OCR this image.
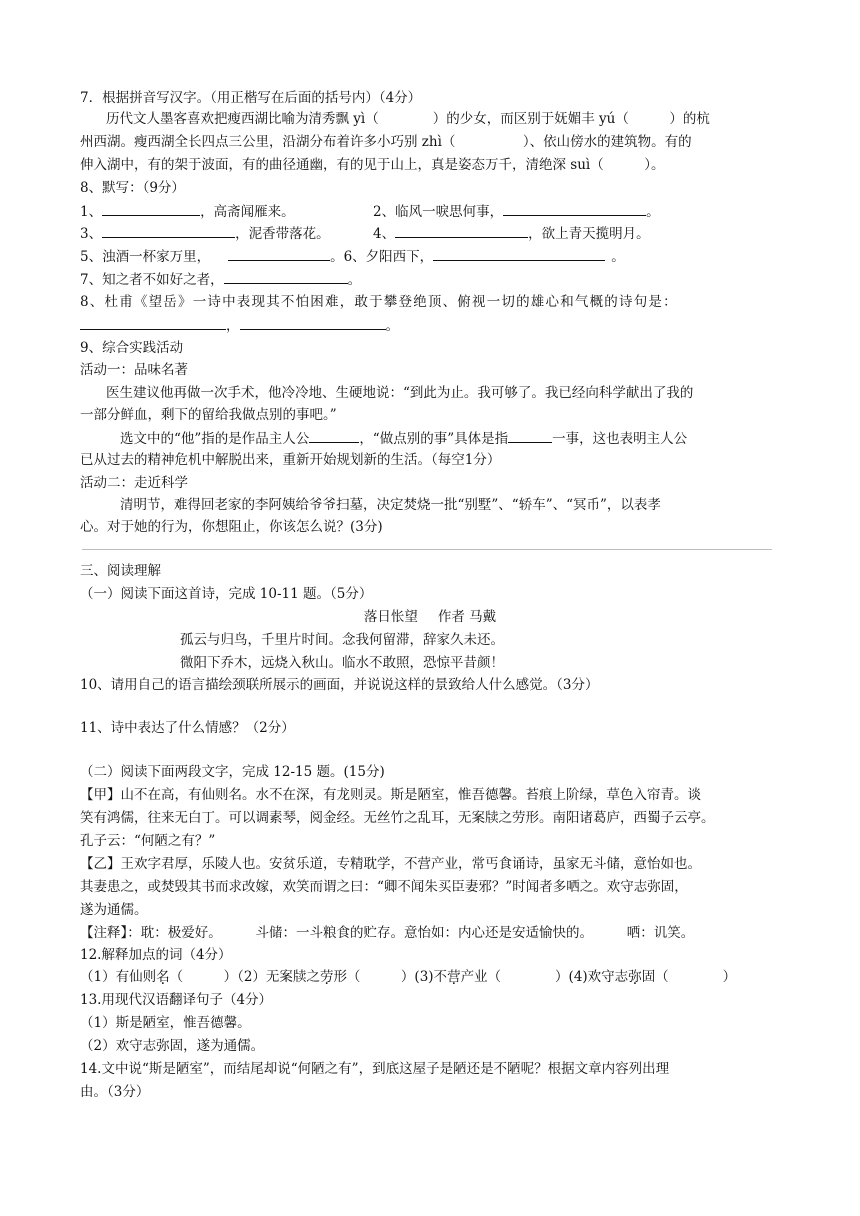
7．根据拼音写汉字。（用正楷写在后面的括号内）（4分）
历代文人墨客喜欢把瘦西湖比喻为清秀飘 yì（　　　　）的少女，而区别于妩媚丰 yú（　　　）的杭
州西湖。瘦西湖全长四点三公里，沿湖分布着许多小巧别 zhì（　　　　　）、依山傍水的建筑物。有的
伸入湖中，有的架于波面，有的曲径通幽，有的见于山上，真是姿态万千，清绝深 suì（　　　）。
8、默写：（9分）
1、	，高斋闻雁来。	2、临风一唳思何事，	。
3、	，泥香带落花。	4、	，欲上青天揽明月。
5、浊酒一杯家万里，	。6、夕阳西下，	。
7、知之者不如好之者，	。
8、杜甫《望岳》一诗中表现其不怕困难，敢于攀登绝顶、俯视一切的雄心和气概的诗句是：
，	。
9、综合实践活动
活动一：品味名著
医生建议他再做一次手术，他冷冷地、生硬地说：“到此为止。我可够了。我已经向科学献出了我的
一部分鲜血，剩下的留给我做点别的事吧。”
选文中的“他”指的是作品主人公	，“做点别的事”具体是指	一事，这也表明主人公
已从过去的精神危机中解脱出来，重新开始规划新的生活。（每空1分）
活动二：走近科学
清明节，难得回老家的李阿姨给爷爷扫墓，决定焚烧一批“别墅”、“轿车”、“冥币”，以表孝
心。对于她的行为，你想阻止，你该怎么说？(3分)
三、阅读理解
（一）阅读下面这首诗，完成 10-11 题。（5分）
落日怅望 作者 马戴
孤云与归鸟，千里片时间。念我何留滞，辞家久未还。
微阳下乔木，远烧入秋山。临水不敢照，恐惊平昔颜！
10、请用自己的语言描绘颈联所展示的画面，并说说这样的景致给人什么感觉。（3分）
11、诗中表达了什么情感？（2分）
（二）阅读下面两段文字，完成 12-15 题。(15分)
【甲】山不在高，有仙则名。水不在深，有龙则灵。斯是陋室，惟吾德馨。苔痕上阶绿，草色入帘青。谈
笑有鸿儒，往来无白丁。可以调素琴，阅金经。无丝竹之乱耳，无案牍之劳形。南阳诸葛庐，西蜀子云亭。
孔子云：“何陋之有？”
【乙】王欢字君厚，乐陵人也。安贫乐道，专精耽学，不营产业，常丐食诵诗，虽家无斗储，意怡如也。
其妻患之，或焚毁其书而求改嫁，欢笑而谓之曰：“卿不闻朱买臣妻邪？”时闻者多哂之。欢守志弥固，
遂为通儒。
【注释】：耽：极爱好。　　　斗储：一斗粮食的贮存。意怡如：内心还是安适愉快的。　　　哂：讥笑。
12.解释加点的词（4分）
（1）有仙则名（　　　）（2）无案牍之劳形（　　　）(3)不营产业（　　　　）(4)欢守志弥固（　　　　）
13.用现代汉语翻译句子（4分）
（1）斯是陋室，惟吾德馨。
（2）欢守志弥固，遂为通儒。
14.文中说“斯是陋室”，而结尾却说“何陋之有”，到底这屋子是陋还是不陋呢？根据文章内容列出理
由。（3分）
